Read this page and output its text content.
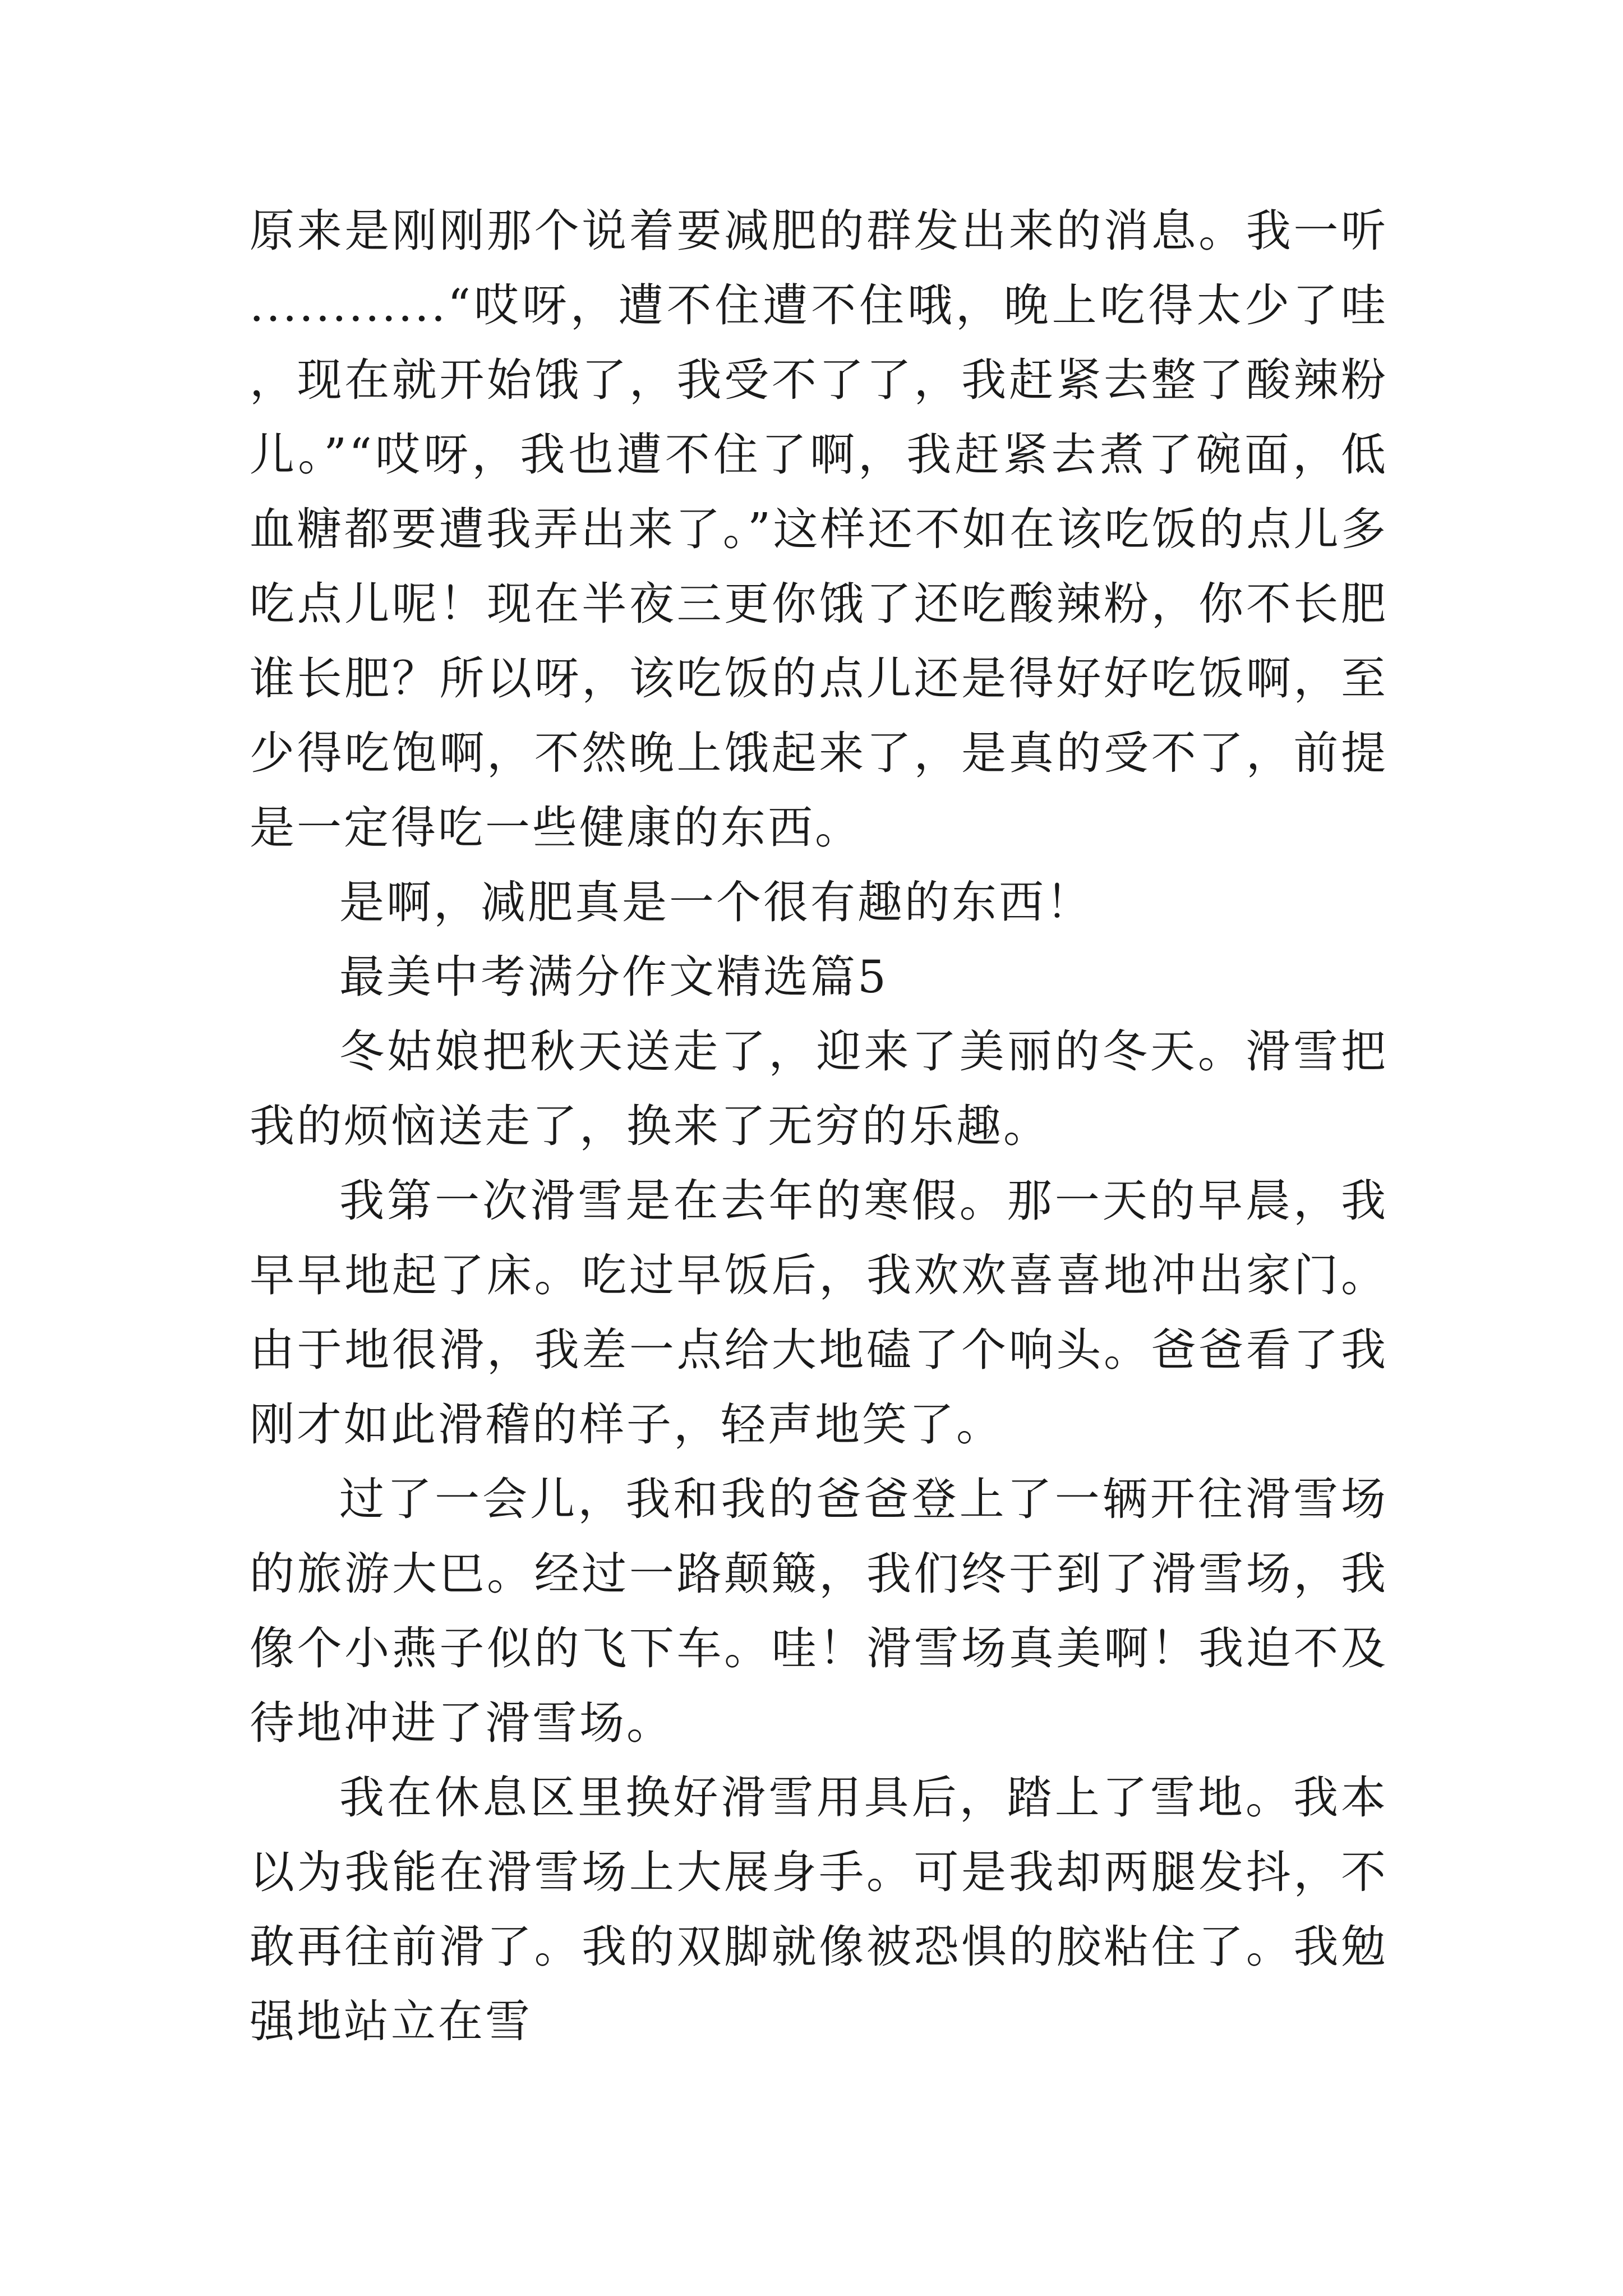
原来是刚刚那个说着要减肥的群发出来的消息。我一听............“哎呀，遭不住遭不住哦，晚上吃得太少了哇，现在就开始饿了，我受不了了，我赶紧去整了酸辣粉儿。”“哎呀，我也遭不住了啊，我赶紧去煮了碗面，低血糖都要遭我弄出来了。”这样还不如在该吃饭的点儿多吃点儿呢！现在半夜三更你饿了还吃酸辣粉，你不长肥谁长肥？所以呀，该吃饭的点儿还是得好好吃饭啊，至少得吃饱啊，不然晚上饿起来了，是真的受不了，前提是一定得吃一些健康的东西。

是啊，减肥真是一个很有趣的东西！

最美中考满分作文精选篇5

冬姑娘把秋天送走了，迎来了美丽的冬天。滑雪把我的烦恼送走了，换来了无穷的乐趣。

我第一次滑雪是在去年的寒假。那一天的早晨，我早早地起了床。吃过早饭后，我欢欢喜喜地冲出家门。由于地很滑，我差一点给大地磕了个响头。爸爸看了我刚才如此滑稽的样子，轻声地笑了。

过了一会儿，我和我的爸爸登上了一辆开往滑雪场的旅游大巴。经过一路颠簸，我们终于到了滑雪场，我像个小燕子似的飞下车。哇！滑雪场真美啊！我迫不及待地冲进了滑雪场。

我在休息区里换好滑雪用具后，踏上了雪地。我本以为我能在滑雪场上大展身手。可是我却两腿发抖，不敢再往前滑了。我的双脚就像被恐惧的胶粘住了。我勉强地站立在雪
